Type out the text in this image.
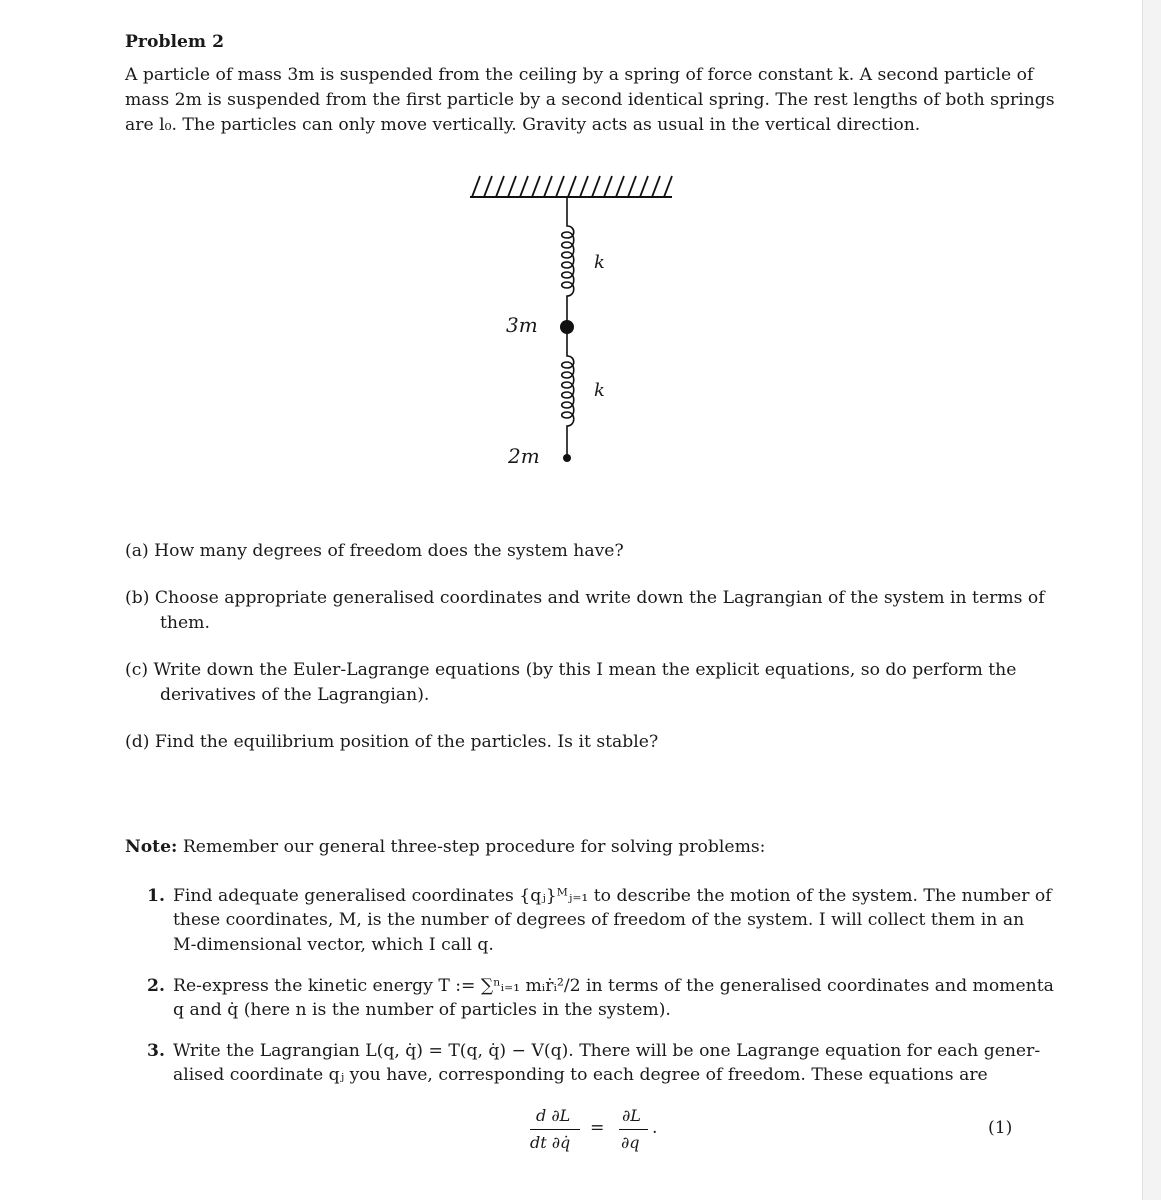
Problem 2
A particle of mass 3m is suspended from the ceiling by a spring of force constant k. A second particle of
mass 2m is suspended from the first particle by a second identical spring. The rest lengths of both springs
are l₀. The particles can only move vertically. Gravity acts as usual in the vertical direction.
k
k
3m
2m
(a) How many degrees of freedom does the system have?
(b) Choose appropriate generalised coordinates and write down the Lagrangian of the system in terms of
them.
(c) Write down the Euler-Lagrange equations (by this I mean the explicit equations, so do perform the
derivatives of the Lagrangian).
(d) Find the equilibrium position of the particles. Is it stable?
Note: Remember our general three-step procedure for solving problems:
1. Find adequate generalised coordinates {qⱼ}ᴹⱼ₌₁ to describe the motion of the system. The number of
these coordinates, M, is the number of degrees of freedom of the system. I will collect them in an
M-dimensional vector, which I call q.
2. Re-express the kinetic energy T := ∑ⁿᵢ₌₁ mᵢṙᵢ²/2 in terms of the generalised coordinates and momenta
q and q̇ (here n is the number of particles in the system).
3. Write the Lagrangian L(q, q̇) = T(q, q̇) − V(q). There will be one Lagrange equation for each gener-
alised coordinate qⱼ you have, corresponding to each degree of freedom. These equations are
d ∂L
dt ∂q̇
=
∂L
∂q
.	(1)
